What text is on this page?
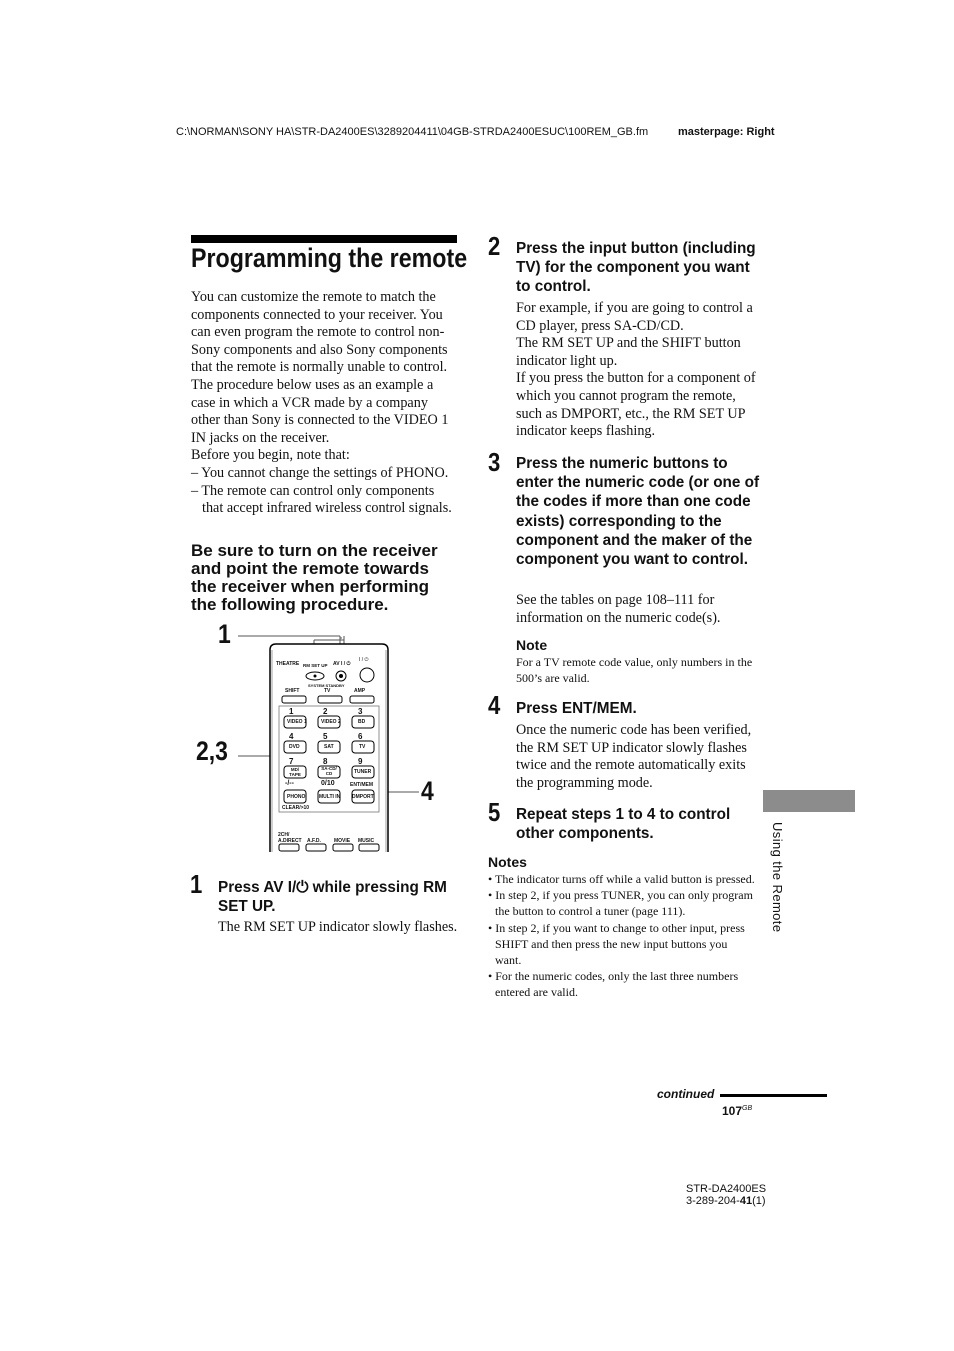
C:\NORMAN\SONY HA\STR-DA2400ES\3289204411\04GB-STRDA2400ESUC\100REM_GB.fm	masterpage: Right
Programming the remote

You can customize the remote to match the components connected to your receiver. You can even program the remote to control non-Sony components and also Sony components that the remote is normally unable to control. The procedure below uses as an example a case in which a VCR made by a company other than Sony is connected to the VIDEO 1 IN jacks on the receiver.

Before you begin, note that:

– You cannot change the settings of PHONO.

– The remote can control only components that accept infrared wireless control signals.

Be sure to turn on the receiver and point the remote towards the receiver when performing the following procedure.
1
2,3
4
THEATRE RM SET UP AV I / ⏻
I / ⏻
SYSTEM STANDBY
SHIFT	TV	AMP
1
VIDEO 1
2
VIDEO 2
3
BD
4
DVD
5
SAT
6
TV
7
MD/ TAPE
8
SA-CD/ CD
9
TUNER
-/--
PHONO
0/10
MULTI IN
ENT/MEM
DMPORT
CLEAR/>10
2CH/ A.DIRECT A.F.D.	MOVIE MUSIC
1 Press AV I/⏻ while pressing RM SET UP.
The RM SET UP indicator slowly flashes.
2 Press the input button (including TV) for the component you want to control.

For example, if you are going to control a CD player, press SA-CD/CD.

The RM SET UP and the SHIFT button indicator light up.

If you press the button for a component of which you cannot program the remote, such as DMPORT, etc., the RM SET UP indicator keeps flashing.

3 Press the numeric buttons to enter the numeric code (or one of the codes if more than one code exists) corresponding to the component and the maker of the component you want to control.
See the tables on page 108–111 for information on the numeric code(s).
Note
For a TV remote code value, only numbers in the 500’s are valid.
4 Press ENT/MEM.
Once the numeric code has been verified, the RM SET UP indicator slowly flashes twice and the remote automatically exits the programming mode.
5 Repeat steps 1 to 4 to control other components.
Notes
• The indicator turns off while a valid button is pressed.
• In step 2, if you press TUNER, you can only program the button to control a tuner (page 111).
• In step 2, if you want to change to other input, press SHIFT and then press the new input buttons you want.
• For the numeric codes, only the last three numbers entered are valid.
Using the Remote
continued
$107^{GB}$
STR-DA2400ES
3-289-204-41(1)
